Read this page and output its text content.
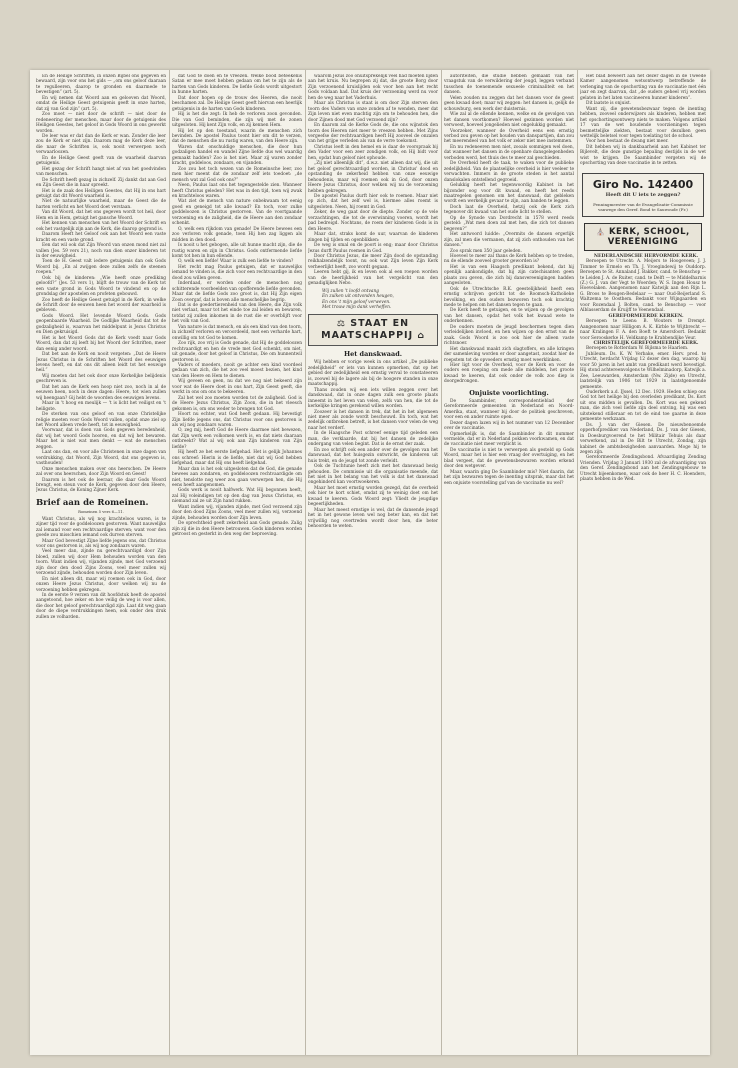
En de Heilige Schriften, in onzen Bijbel ons gegeven en bewaard, zijn voor ons het gids — „om ons geloof daaraan te regulleeren, daarop te gronden en daarmede te bevestigen” (art. 5).

En wij nemen dat Woord aan en gelooven dat Woord, omdat de Heilige Geest getuigenis geeft in onze harten, dat zij van God zijn” (art. 5).

Zoo moet — niet door de schrift — niet door de redeneering der menschen, maar door de getuigenis des Heiligen Geestes, het geloof in Gods Woord in ons gewerkt worden.

De leer was er dat dan de Kerk er wan. Zonder die leer zou de Kerk er niet zijn. Daarom mag de Kerk deze leer, die naar de Schriften is, ook nooit verwerpen noch verwaarloozen.

En de Heilige Geest geeft van de waarheid daarvan getuigenis.

Het gezag der Schrift hangt niet af van het goedvinden van menschen.

De Schrift heeft gezag in zichzelf. Zij dankt dat aan God en Zijn Geest die in haar spreekt.

Het is de zaak des Heiligen Geestes, dat Hij in ons hart getuigt dat dit Woord waarheid is.

Niet de natuurlijke waarheid, maar de Geest die de harten verlicht en het Woord doet verstaan.

Van dit Woord, dat het ons gegeven wordt tot heil, door Hem en in Hem, getuigt het gansche Woord.

Het kennen van menschen van het Woord der Schrift en ook het vastgelijk zijn aan de Kerk, die daarop gegrond is.

Daarom Heeft het Geloof ook aan het Woord een vaste kracht en een vaste grond.

Een dat wil ook dat Zijn Woord van onzen mond niet zal vallen (Jes. 59 vers 21), noch van dien onzer kinderen tot in der eeuwigheid.

Toen de H. Geest valt iedere getuigenis dan ook Gods Woord bij. „En al zwijgen deze zullen zelfs de steenen roepen.”

Ook bij de kinderen: „Wie heeft onze prediking geloofd?” (Jes. 53 vers 1), blijft de trouw van de Kerk tot een vaste grond in Gods Woord te vindend en op de grondslag der apostelen en profeten gebouwd.

Zoo heeft de Heilige Geest getuigd in de Kerk, in welke de Schrift door de eeuwen heen het woord der waarheid is gebleven.

Gods Woord. Het levende Woord Gods. Gods geopenbaarde Waarheid. De Godlijke Waarheid dat tot de godzaligheid is, waarvan het middelpunt is Jezus Christus en Dien gekruisigd.

Het is het Woord Gods dat de Kerk voedt naar Gods Woord, dan dat zij leeft bij het Woord der Schriften, meer dan eenig ander woord.

Dat bet aan de Kerk en nooit vergeten: „Dat de Heere Jezus Christus in de Schriften het Woord des eeuwigen levens heeft, en dat ons dit alleen leidt tot het eeuwige heil.”

Wij moeten dat het ook door onze Kerkelijke belijdenis geschreven is.

Dat het aan de Kerk een hoop niet zoo, noch in al de eeuwen heen, noch in deze dagen: Heere, tot wien zullen wij heengaan? Gij hebt de woorden des eeuwigen levens.

Maar in 't hoog en meulijk — 't is licht het veiligst en 't heiligste.

De sterken van ons geloof en van onze Christelijke religie moeten voor Gods Woord vallen, opdat onze ziel op het Woord alleen vrede heeft, tot in eeuwigheid.

Voorwaar, dat is doen van Gods gegeven beredenheid, dat wij het woord Gods hooren, en dat wij het bewaren. Maar het is niet wat men denkt — wat de menschen zeggen.

Laat ons dan, en voor alle Christenen in onze dagen van verdrukking, dat Woord, Zijn Woord, dat ons gegeven is, vasthouden!

Onze menschen maken over ons heerschen. De Heere zal over ons heerschen, door Zijn Woord en Geest!

Daarom is het ook de leeraar, die daar Gods Woord brengt, een steun voor de Kerk, gegeven door den Heere, Jezus Christus, de Koning Zijner Kerk.

Brief aan de Romeinen.
Romeinen 5 vers 6—11.

Want Christus, als wij nog krachteloos waren, is te zijner tijd voor de goddeloozen gestorven. Want nauwelijks zal iemand voor een rechtvaardige sterven; want voor den goede zou misschien iemand ook durven sterven.

Maar God bevestigt Zijne liefde jegens ons, dat Christus voor ons gestorven is, als wij nog zondaars waren.

Veel meer dan, zijnde nu gerechtvaardigd door Zijn bloed, zullen wij door Hem behouden worden van den toorn. Want indien wij, vijanden zijnde, met God verzoend zijn door den dood Zijns Zoons, veel meer zullen wij verzoend zijnde, behouden worden door Zijn leven.

En niet alleen dit, maar wij roemen ook in God, door onzen Heere Jezus Christus, door welken wij nu de verzoening hebben gekregen.

In de eerste 9 verzen van dit hoofdstuk heeft de apostel aangetoond, hoe zeker en hoe veilig de weg is voor allen, die door het geloof gerechtvaardigd zijn. Laat dit weg gaan door de diepe verdrukkingen heen, ook onder den druk zullen ze volharden.

dat God te doen en te vreezen. Welke bood beteekenis Satan er mee moet hebben gedaan om het te zijn als de harten van Gods kinderen. De liefde Gods wordt uitgestort in hunne harten.

Dat door hopen op de trouw des Heeren, die nooit beschamen zal. De Heilige Geest geeft hiervan een heerlijk getuigenis in de harten van Gods kinderen.

Hij is het die zegt: Ik heb de verloren zoon gevonden. Die van God beminden, die zijn wij met de zonen uitgesloten. Hij kent Zijn volk, en zij kennen Hem.

Hij let op den toestand, waarin de menschen zich bevinden. De apostel Paulus toont hier om dit te verzen, dat de menschen die nu rustig waren, van den Heere zijn.

Waren dat onschuldige menschen, die door hun godzaligen handel en wandel Zijne liefde dus wel waardig gemaakt hadden? Zoo is het niet. Maar zij waren zonder kracht, goddeloos, zondaars, en vijanden.

Zoo zou het toch wezen van de Romeinsche leer, zoo men hier meent dat de zondaar zelf iets toedoet: „de mensch wat zal God ook ons?”

Neen, Paulus laat ons het tegengestelde zien. Wanneer heeft Christus geleden? Het was in den tijd, toen wij zwak en krachteloos waren.

Wat ziet de mensch van nature onbekwaam tot eenig goed en geneigd tot alle kwaad? En toch, voor zulke goddeloozen is Christus gestorven. Van de voortgaande verzoening en de zaligheid, die de Heere aan den zondaar schenkt.

O, welk een rijkdom van genade! De Heere bewees een zoo verloren volk genade, toen Hij hen zag liggen als midden in den dood.

Is nooit u het gebogen, alle uit hunne macht zijn, die de rustig waren en zijn in Christus. Gods ontfermende liefde komt tot hen in hun ellende.

O, welk een liefde! Waar is zulk een liefde te vinden?

Het recht mag Paulus getuigen, dat er nauwelijks iemand te vinden is, die zich voor een rechtvaardige in den dood zou willen geven.

Inderdaad, er worden onder de menschen nog schitterende voorbeelden van opofferende liefde gevonden. Maar dat de liefde Gods zoo groot is, dat Hij Zijn eigen Zoon overgaf, dat is boven alle menschelijke begrip.

Dat is de goedertierenheid van den Heere, die Zijn volk niet verlaat, maar tot het einde toe zal leiden en bewaren, totdat zij zullen inkomen in de rust die er overblijft voor het volk van God.

Van nature is dat mensch, en als een kind van den toorn, in zichzelf verloren en veroordeeld, met een verharde hart, onwillig om tot God te komen.

Zoo rijk, zoo vrij is Gods genade, dat Hij de goddeloozen rechtvaardigt en hen de vrede met God schenkt, om niet, uit genade, door het geloof in Christus, Die om hunnentwil gestorven is.

Vaders of moeders, nooit ge achter een kind voordeel gedaan van zich, die het zoo veel moest bezien, het kind van den Heere en Hem te dienen.

Wij geveen en geen, nu dat we nog niet bekeerd zijn voor wat de Heere doet in ons hart, Zijn Geest geeft, die werkt in ons om ons te bekeeren.

Zal het wel zoo moeten worden tot de zaligheid. God is de Heere Jezus Christus, Zijn Zoon, die in het vleesch gekomen is, om ons weder te brengen tot God.

Hoort nu echter, wat God heeft gedaan. Hij bevestigt Zijn liefde jegens ons, dat Christus voor ons gestorven is als wij nog zondaars waren.

O, zeg mij, heeft God de Heere daarmee niet bewezen, dat Zijn werk een volkomen werk is, en dat niets daaraan ontbreekt? Wat al wij ook aan Zijn kinderen van Zijn liefde?

Hij heeft ze het eerste liefgehad. Het is gelijk Johannes ons schreef: Hierin is de liefde, niet dat wij God hebben liefgehad, maar dat Hij ons heeft liefgehad.

Maar dan is het ook uitgesloten dat de God, die genade bewees aan zondaren, en goddeloozen rechtvaardigde om niet, tenslotte nog weer zou gaan verwerpen hen, die Hij eens heeft aangenomen.

Gods werk is nooit halfwerk. Wat Hij begonnen heeft, zal Hij voleindigen tot op den dag van Jezus Christus, en niemand zal ze uit Zijn hand rukken.

Want indien wij, vijanden zijnde, met God verzoend zijn door den dood Zijns Zoons, veel meer zullen wij, verzoend zijnde, behouden worden door Zijn leven.

De oprechtheid geeft zekerheid aan Gods genade. Zalig zijn zij die in den Heere betrouwen. Gods kinderen worden getroost en gesterkt in den weg der beproeving.

waarom Jezus zoo onuitsprekelijk veel had moeten lijden aan het kruis. Nu begrepen zij dat, die groote Borg door Zijn verzoenend kruislijden ook voor hen aan het recht Gods voldaan had. Dat kruis der verzoening werd nu voor hen de weg naar het Vaderhuis.

Maar als Christus is staat is om door Zijn sterven den toorn des Vaders van onze zonden af te wenden, meer dat Zijn leven niet even machtig zijn om te behouden hen, die door Zijnen dood met God verzoend zijn?

En daarom zal de Kerke Gods de, die ons wijnstok den toorn des Heeren niet meer te vreezen hebben. Met Zijns vergeefse der rechtvaardigen heeft Hij zooveel de onzalen van het grijpe verleden als van de verre toekomst.

Christus leeft in den hemel en is daar de voorspraak bij den Vader voor een zeer zondigen volk, en Hij bidt voor hen, opdat hun geloof niet ophoude.

„Zij niet alleenlijk dit”, d.w.z. niet alleen dat wij, die uit het geloof gerechtvaardigd worden, in Christus' dood en opstanding de zekerheid hebben van onze eeuwige behoudenis, maar wij roemen ook in God, door onzen Heere Jezus Christus, door welken wij nu de verzoening hebben gekregen.

De apostel Paulus durft hier ook te roemen. Maar niet op zich, dat het zelf wel is, hiermee alles roemt is uitgesloten. Neen, hij roemt in God.

Zeker, de weg gaat door de diepte. Zonder op de vele verzachtingen, die tot de overwinning voeren, wordt het pad bedreigd. Nochtans, de roem der kinderen Gods is in den Heere.

Maar dat, straks komt de uur, waarvan de kinderen zingen bij tijden en ogenblikken:

De weg is smal en de poort is eng; maar door Christus Jezus durft Paulus roemen in God.

Door Christus Jezus, die meer Zijn dood de opstanding reikhalzendelijk toont, nu ook wat Zijn leven Zijn Kerk verheerlijkt heeft, zoo wordt gegaan.

Leeren hebt gij, ik en leven ook al een roepen worden van de heerlijkheid van het vergelicht van den genadiglijken Nebo.

Wij zullen 't loofd ontvang
En zulken uit ontvonden heugen,
En ons 't mijn geloof verweven.
Met trouw mijn dank verheffen.
⚖ STAAT EN MAATSCHAPPIJ ⌂
Het danskwaad.

Wij hebben er vorige week in ons artikel „De publieke zedelijkheid” er iets van kunnen opmerken, dat op het gebied der zedelijkheid een ernstig verval te constateeren is, zoowel bij de lagere als bij de hoogere standen in onze maatschappij.

Thans zouden wij een iets willen zeggen over het danskwaad, dat in onze dagen zulk een groote plaats inneemt in het leven van velen, zelfs van hen, die tot de kerkelijke kringen gerekend willen worden.

Zoozeer is het dansen in trek, dat het in het algemeen niet meer als zonde wordt beschouwd. En toch, wat het zedelijk ontbreken betreft, is het dansen voor velen de weg naar het verderf.

In de Haagsche Post schreef eenige tijd geleden een man, die verklaarde, dat bij het dansen de zedelijke ondergang van velen begint. Dat is de ernst der zaak.

En zoo schrijft ook een ander over de gevolgen van het danswaad, dat het huisgezin ontwricht, de kinderen uit huis trekt, en de jeugd tot zonde verleidt.

Ook de Tuchtunie heeft zich met het danswaad bezig gehouden. De commissie uit die organisatie meende, dat het niet in het belang van het volk is dat het danswaad ongehinderd kan voortwoekeren.

Maar het moet ernstig worden gezegd, dat de overheid ook hier te kort schiet, omdat zij te weinig doet om het kwaad te keeren. Gods Woord zegt: Vliedt de jeugdige begeerlijkheden.

Maar het meest ernstige is wel, dat de dansende jeugd het in het gewone leven wel nog beter kan, en dat het vrijwillig nog overtreden wordt door hen, die beter behoorden te weten.

autoriteiten, die studie hebben gemaakt van het vraagstuk van de verwildering der jeugd, leggen verband tusschen de toenemende sexueele criminaliteit en het dansen.

Velen zouden nu zeggen dat het dansen voor de geest geen kwaad doet; maar wij zeggen: het dansen is, gelijk de schouwburg, een werk der duisternis.

Wie zal al de ellende kennen, welke en de gevolgen van het dansen voortkomen? Hoeveel gezinnen worden niet verwoest, hoeveel jongelieden niet ongelukkig gemaakt.

Voorzeker, wanneer de Overheid eens een ernstig verbod zou geven op het houden van danspartijen, dan zou het meerendeel van het volk er zeker niet mee instemmen.

En nu redeneeren men niet, zooals sommigen wel doen, dat wanneer het dansen in de openbare dansgelegenheden verboden werd, het thuis des te meer zal geschieden.

De Overheid heeft de taak, te waken voor de publieke zedelijkheid. Van de plaatselijke overheid is hier veeleer te verwachten. Immers in de groote steden is het aantal danslokalen ontstellend gegroeid.

Gelukkig heeft het tegenwoordig Kabinet in het bijzonder oog voor dit kwaad, en heeft het reeds maatregelen genomen om het danswaad, dat gebleken wordt een werkelijk gevaar te zijn, aan banden te leggen.

Doch laat de Overheid, hetzij ook de Kerk zich tegenover dit kwaad van het oude licht te stellen.

Op de Synode van Dordrecht in 1578 werd reeds gesteld: „Wat men doen zal met hen, die zich tot dansen begeven?”

Het antwoord luidde: „Overmits de dansen ergerlijk zijn, zal men die vermanen, dat zij zich onthouden van het dansen.”

Zoo sprak men 350 jaar geleden.

Hoeveel te meer zal thans de Kerk hebben op te treden, nu de ellende zooveel grooter geworden is?

Het is van een Haagsch predikant bekend, dat hij openlijk aankondigde, dat hij zijn catechisanten geen plaats zou geven, die zich bij dansvereenigingen hadden aangesloten.

Ook de Utrechtsche R.K. geestelijkheid heeft een ernstig schrijven gericht tot de Roomsch-Katholieke bevolking, en den ouders bezworen toch ook krachtig mede te helpen om het dansen tegen te gaan.

De Kerk heeft te getuigen, en te wijzen op de gevolgen van het dansen, opdat het volk het kwaad wete te onderkennen.

De ouders moeten de jeugd beschermen tegen dien verleidelijken invloed, en hen wijzen op den ernst van de zaak. Gods Woord is zoo ook hier de alleen vaste richtsnoer.

Het danskwaad maakt zich slagtoffers, en alle kringen der samenleving worden er door aangetast, zoodat hier de roepstem tot de opvoeders ernstig moet weerklinken.

Hier ligt voor de Overheid, voor de Kerk en voor de ouders een roeping om mede alle middelen, het groote kwaad te keeren, dat ook onder de volk zoo diep is doorgedrongen.

Onjuiste voorlichting.

De Saambinder, correspondentieblad der Gereformeerde gemeenten in Nederland en Noord-Amerika, staat, wanneer bij door de politiek geschreven, voor een en ander ruimte open.

Dezer dagen lazen wij in het nummer van 12 December over de vaccinatie.

Opmerkelijk is, dat de Saambinder in dit nummer vermelde, dat er in Nederland pokken voorkwamen, en dat de vaccinatie niet meer verplicht is.

De vaccinatie is niet te verwerpen als gesteld op Gods Woord, maar het is hier een vraag der overtuiging, en het blad vergeet, dat de gewetensbezwaren worden erkend door den wetgever.

Maar, waarin ging De Saambinder mis? Niet daarin, dat het zijn bezwaren tegen de inenting uitsprak, maar dat het een onjuiste voorstelling gaf van de vaccinatie nu wel?

Het blad beweert aan het dezer dagen in de Tweede Kamer aangenomen wetsontwerp betreffende de verlenging van de opschorting van de vaccinatie met één jaar en zegt daarvan, dat „de ouders geheel vrij worden gelaten in het laten vaccineeren hunner kinderen”.

Dit laatste is onjuist.

Want zij, die gewetensbezwaar tegen de inenting hebben, zooveel onderwijzers als kinderen, hebben met het opschortingsontwerp niets te maken. Volgens artikel 17 van de wet houdende voorzieningen tegen besmettelijke ziekten, bestaat voor dezulken geen wettelijk beletsel voor tegen toelating tot de school.

Voor hen bestaat de dwang niet meer.

Dit hebben wij in dankbaarheid aan het Kabinet ter Bijlevelt, die deze gunstige bepaling destijds in de wet wist te krijgen. De Saambinder vergeten wij de opschorting van deze vaccinatie in te zetten.

Giro No. 142400
Heeft dit U iets te zeggen?
Penningmeester van de Evangelisatie-Commissie vanwege den Geref. Bond te Sauwoude (Fr.)
⛪ KERK, SCHOOL, VEREENIGING

NEDERLANDSCHE HERVORMDE KERK.

Beroepen te Utrecht: A. Meijers te Hoogeveen; J. J. Timmer te Ermelo en Th. J. Vroegindewij te Ouddorp. Beroepen te St. Annaland J. Bakker, cand. te Benschop — te Leiden J. A. de Ruiter, cand. te Delft — te Middelharnis (Z.) G. J. van der Vegt te Woerden; W. S. Ingen Housz te Hoevelaken. Aangenomen naar Katwijk aan den Rijn L. G. Broos te Beugen-Bedelaar — naar Oud-Beijerland S. Waltzema te Oosthem. Bedankt voor Wijngaarden en voor Rozendaal J. Bolten, cand. te Benschop — voor Alblasserdam de Kruijff te Veenendaal.

GEREFORMEERDE KERKEN.

Beroepen te Leens: B. Wouters te Drempt. Aangenomen naar Hilligom A. K. Kirble te Wijtbrecht — naar Kralingen F. A. den Boeft te Amersfoort. Bedankt voor Serooskerke H. Veldkamp te Krabbendijke Veur.

CHRISTELIJK GEREFORMEERDE KERK.

Beroepen te Rotterdam W. Bijlsma te Haarlem.

Jubileum. Ds. K. W. Verbake, emer. Herv. pred. te Utrecht, herdacht Vrijdag 12 dezer den dag, waarop hij voor 50 jaren in het ambt van predikant werd bevestigd. Hij stond achtereenvolgens te Wilhelminadorp, Katwijk a. Zee, Leeuwarden, Amsterdam (Nw. Zijde) en Utrecht, laatstelijk van 1906 tot 1929 in laatstgenoemde gemeente.

Ouderkerk a.d. IJssel, 12 Dec. 1929. Heden schiep ons God tot het heilige bij den overleden predikant, Ds. Kort uit ons midden is gevallen. Ds. Kort was een gekend man, die zich veel liefde zijn deel ontving, hij was een uitstekend stilleraar en tot de eind toe gaarne in deze gemeente werkzaam.

Ds. J. van der Giesen. De nieuwbenoemde opperhofprediker van Nederland, Ds. J. van der Giesen, in Doesburgvoerend te het Militair Tehuis als daar verwerkend, zal in De Bilt te Utrecht, Zondag, zijn kabinet de ambtsbezigheden aanvaarden. Moge hij te zegen zijn.

Gereformeerde Zendingsbond. Afvaardiging Zending Vrienden. Vrijdag 3 Januari 1930 zal de afvaardiging van den Geref. Zendingsbond aan het Zendingsgebouw te Utrecht bijeenkomen, waar ook de heer H. C. Hoenders, plaats hebben in de Wed.
